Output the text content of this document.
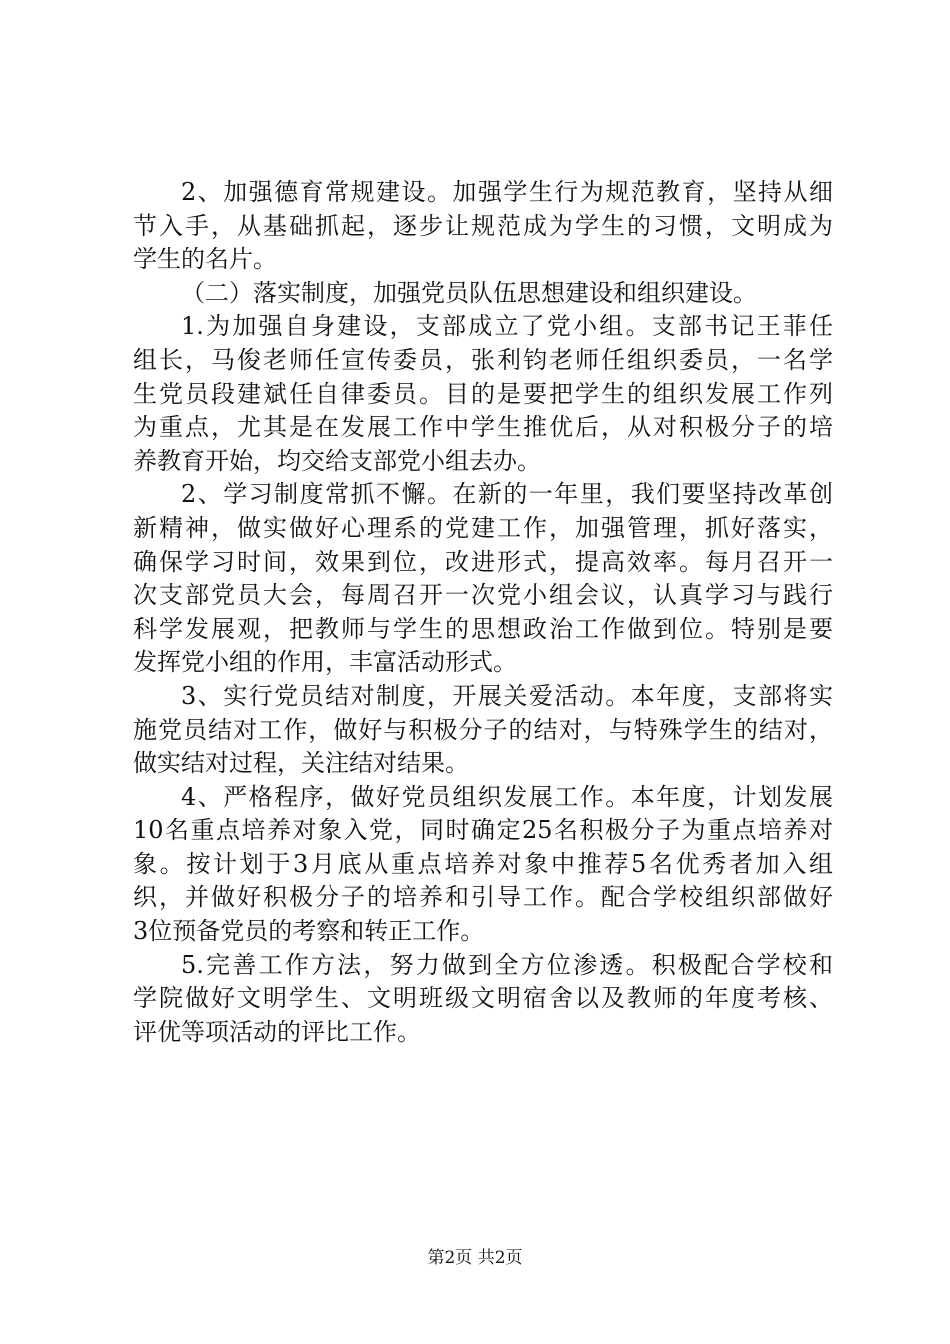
2、加强德育常规建设。加强学生行为规范教育，坚持从细
节入手，从基础抓起，逐步让规范成为学生的习惯，文明成为
学生的名片。
（二）落实制度，加强党员队伍思想建设和组织建设。
1.为加强自身建设，支部成立了党小组。支部书记王菲任
组长，马俊老师任宣传委员，张利钧老师任组织委员，一名学
生党员段建斌任自律委员。目的是要把学生的组织发展工作列
为重点，尤其是在发展工作中学生推优后，从对积极分子的培
养教育开始，均交给支部党小组去办。
2、学习制度常抓不懈。在新的一年里，我们要坚持改革创
新精神，做实做好心理系的党建工作，加强管理，抓好落实，
确保学习时间，效果到位，改进形式，提高效率。每月召开一
次支部党员大会，每周召开一次党小组会议，认真学习与践行
科学发展观，把教师与学生的思想政治工作做到位。特别是要
发挥党小组的作用，丰富活动形式。
3、实行党员结对制度，开展关爱活动。本年度，支部将实
施党员结对工作，做好与积极分子的结对，与特殊学生的结对，
做实结对过程，关注结对结果。
4、严格程序，做好党员组织发展工作。本年度，计划发展
10名重点培养对象入党，同时确定25名积极分子为重点培养对
象。按计划于3月底从重点培养对象中推荐5名优秀者加入组
织，并做好积极分子的培养和引导工作。配合学校组织部做好
3位预备党员的考察和转正工作。
5.完善工作方法，努力做到全方位渗透。积极配合学校和
学院做好文明学生、文明班级文明宿舍以及教师的年度考核、
评优等项活动的评比工作。
第2页 共2页
